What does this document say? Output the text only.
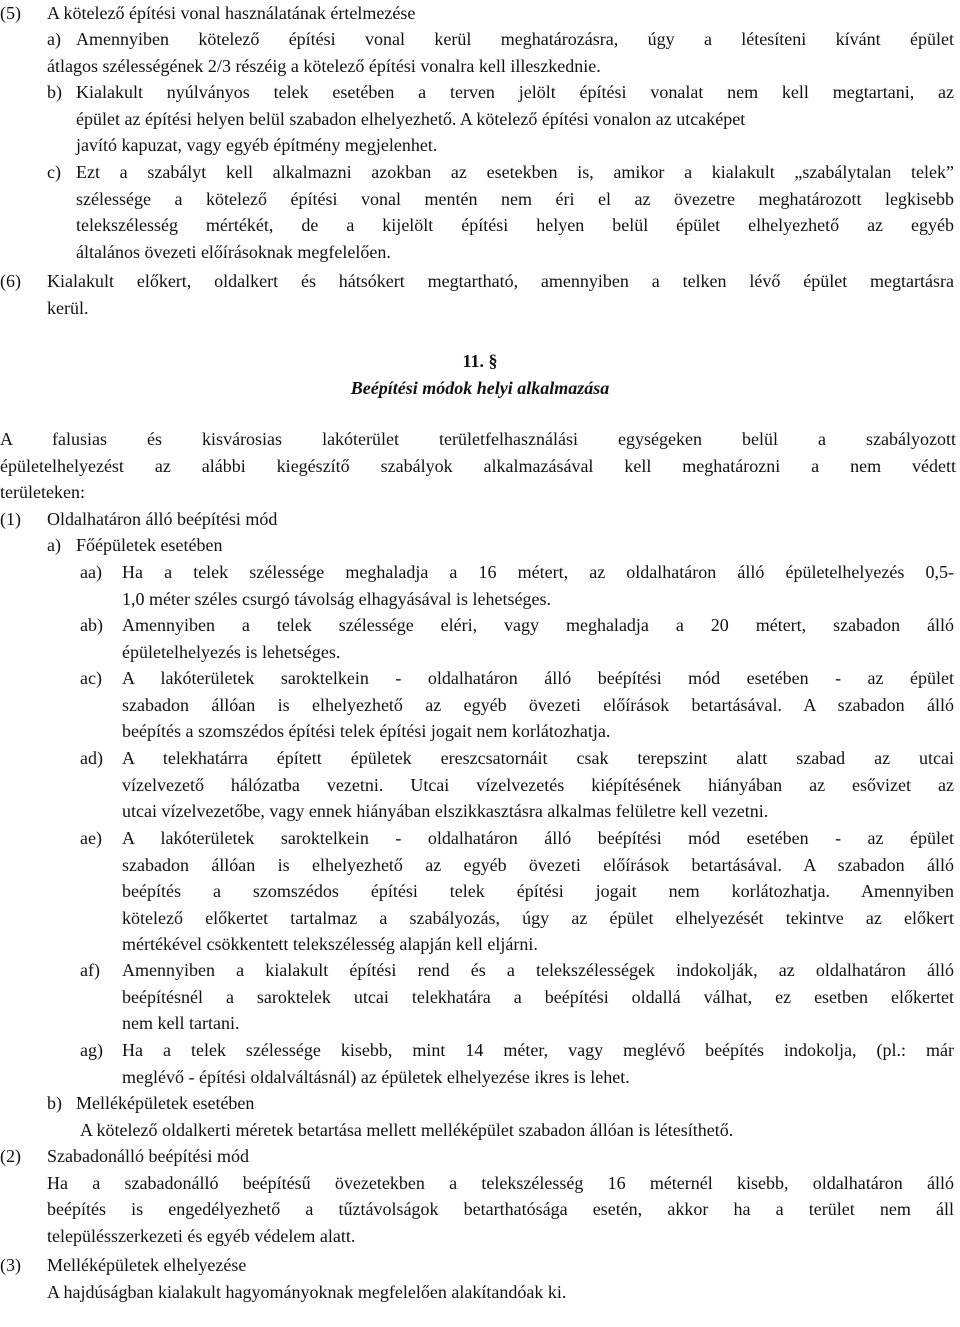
(5) A kötelező építési vonal használatának értelmezése
a) Amennyiben kötelező építési vonal kerül meghatározásra, úgy a létesíteni kívánt épület
átlagos szélességének 2/3 részéig a kötelező építési vonalra kell illeszkednie.
b) Kialakult nyúlványos telek esetében a terven jelölt építési vonalat nem kell megtartani, az
épület az építési helyen belül szabadon elhelyezhető. A kötelező építési vonalon az utcaképet
javító kapuzat, vagy egyéb építmény megjelenhet.
c) Ezt a szabályt kell alkalmazni azokban az esetekben is, amikor a kialakult „szabálytalan telek”
szélessége a kötelező építési vonal mentén nem éri el az övezetre meghatározott legkisebb
telekszélesség mértékét, de a kijelölt építési helyen belül épület elhelyezhető az egyéb
általános övezeti előírásoknak megfelelően.
(6) Kialakult előkert, oldalkert és hátsókert megtartható, amennyiben a telken lévő épület megtartásra
kerül.
11. §
Beépítési módok helyi alkalmazása
A falusias és kisvárosias lakóterület területfelhasználási egységeken belül a szabályozott
épületelhelyezést az alábbi kiegészítő szabályok alkalmazásával kell meghatározni a nem védett
területeken:
(1) Oldalhatáron álló beépítési mód
a) Főépületek esetében
aa) Ha a telek szélessége meghaladja a 16 métert, az oldalhatáron álló épületelhelyezés 0,5-
1,0 méter széles csurgó távolság elhagyásával is lehetséges.
ab) Amennyiben a telek szélessége eléri, vagy meghaladja a 20 métert, szabadon álló
épületelhelyezés is lehetséges.
ac) A lakóterületek saroktelkein - oldalhatáron álló beépítési mód esetében - az épület
szabadon állóan is elhelyezhető az egyéb övezeti előírások betartásával. A szabadon álló
beépítés a szomszédos építési telek építési jogait nem korlátozhatja.
ad) A telekhatárra épített épületek ereszcsatornáit csak terepszint alatt szabad az utcai
vízelvezető hálózatba vezetni. Utcai vízelvezetés kiépítésének hiányában az esővizet az
utcai vízelvezetőbe, vagy ennek hiányában elszikkasztásra alkalmas felületre kell vezetni.
ae) A lakóterületek saroktelkein - oldalhatáron álló beépítési mód esetében - az épület
szabadon állóan is elhelyezhető az egyéb övezeti előírások betartásával. A szabadon álló
beépítés a szomszédos építési telek építési jogait nem korlátozhatja. Amennyiben
kötelező előkertet tartalmaz a szabályozás, úgy az épület elhelyezését tekintve az előkert
mértékével csökkentett telekszélesség alapján kell eljárni.
af) Amennyiben a kialakult építési rend és a telekszélességek indokolják, az oldalhatáron álló
beépítésnél a saroktelek utcai telekhatára a beépítési oldallá válhat, ez esetben előkertet
nem kell tartani.
ag) Ha a telek szélessége kisebb, mint 14 méter, vagy meglévő beépítés indokolja, (pl.: már
meglévő - építési oldalváltásnál) az épületek elhelyezése ikres is lehet.
b) Melléképületek esetében
A kötelező oldalkerti méretek betartása mellett melléképület szabadon állóan is létesíthető.
(2) Szabadonálló beépítési mód
Ha a szabadonálló beépítésű övezetekben a telekszélesség 16 méternél kisebb, oldalhatáron álló
beépítés is engedélyezhető a tűztávolságok betarthatósága esetén, akkor ha a terület nem áll
településszerkezeti és egyéb védelem alatt.
(3) Melléképületek elhelyezése
A hajdúságban kialakult hagyományoknak megfelelően alakítandóak ki.
